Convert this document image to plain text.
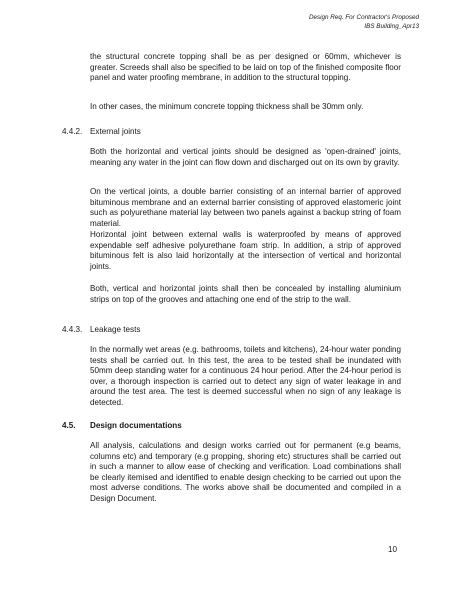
Design Req. For Contractor's Proposed
IBS Building_Apr13
the structural concrete topping shall be as per designed or 60mm, whichever is greater. Screeds shall also be specified to be laid on top of the finished composite floor panel and water proofing membrane, in addition to the structural topping.
In other cases, the minimum concrete topping thickness shall be 30mm only.
4.4.2. External joints
Both the horizontal and vertical joints should be designed as 'open-drained' joints, meaning any water in the joint can flow down and discharged out on its own by gravity.
On the vertical joints, a double barrier consisting of an internal barrier of approved bituminous membrane and an external barrier consisting of approved elastomeric joint such as polyurethane material lay between two panels against a backup string of foam material.
Horizontal joint between external walls is waterproofed by means of approved expendable self adhesive polyurethane foam strip. In addition, a strip of approved bituminous felt is also laid horizontally at the intersection of vertical and horizontal joints.
Both, vertical and horizontal joints shall then be concealed by installing aluminium strips on top of the grooves and attaching one end of the strip to the wall.
4.4.3. Leakage tests
In the normally wet areas (e.g. bathrooms, toilets and kitchens), 24-hour water ponding tests shall be carried out. In this test, the area to be tested shall be inundated with 50mm deep standing water for a continuous 24 hour period. After the 24-hour period is over, a thorough inspection is carried out to detect any sign of water leakage in and around the test area. The test is deemed successful when no sign of any leakage is detected.
4.5. Design documentations
All analysis, calculations and design works carried out for permanent (e.g beams, columns etc) and temporary (e.g propping, shoring etc) structures shall be carried out in such a manner to allow ease of checking and verification. Load combinations shall be clearly itemised and identified to enable design checking to be carried out upon the most adverse conditions. The works above shall be documented and compiled in a Design Document.
10
